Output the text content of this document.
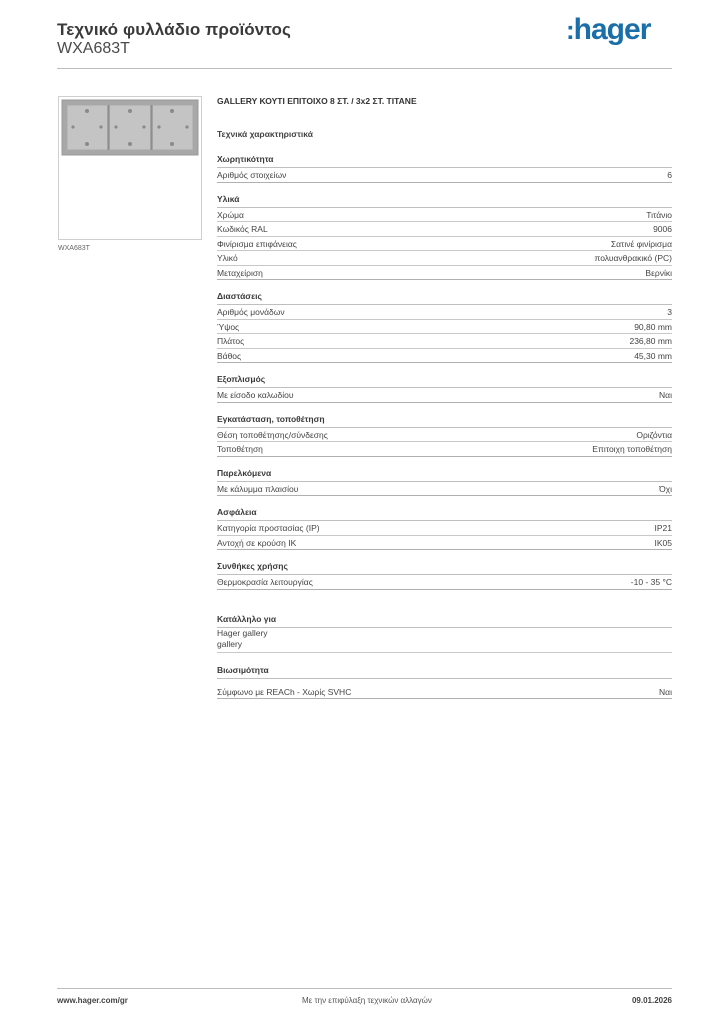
Τεχνικό φυλλάδιο προϊόντος
WXA683T
:hager
WXA683T
GALLERY ΚΟΥΤΙ ΕΠΙΤΟΙΧΟ 8 ΣΤ. / 3x2 ΣΤ. ΤΙΤΑΝΕ
Τεχνικά χαρακτηριστικά
Χωρητικότητα
Αριθμός στοιχείων	6
Υλικά
Χρώμα	Τιτάνιο
Κωδικός RAL	9006
Φινίρισμα επιφάνειας	Σατινέ φινίρισμα
Υλικό	πολυανθρακικό (PC)
Μεταχείριση	Βερνίκι
Διαστάσεις
Αριθμός μονάδων	3
Ύψος	90,80 mm
Πλάτος	236,80 mm
Βάθος	45,30 mm
Εξοπλισμός
Με είσοδο καλωδίου	Ναι
Εγκατάσταση, τοποθέτηση
Θέση τοποθέτησης/σύνδεσης	Οριζόντια
Τοποθέτηση	Επιτοιχη τοποθέτηση
Παρελκόμενα
Με κάλυμμα πλαισίου	Όχι
Ασφάλεια
Κατηγορία προστασίας (IP)	IP21
Αντοχή σε κρούση IK	IK05
Συνθήκες χρήσης
Θερμοκρασία λειτουργίας	-10 - 35 °C
Κατάλληλο για
Hager gallery
gallery
Βιωσιμότητα
Σύμφωνο με REACh - Χωρίς SVHC	Ναι
www.hager.com/gr	Με την επιφύλαξη τεχνικών αλλαγών	09.01.2026
